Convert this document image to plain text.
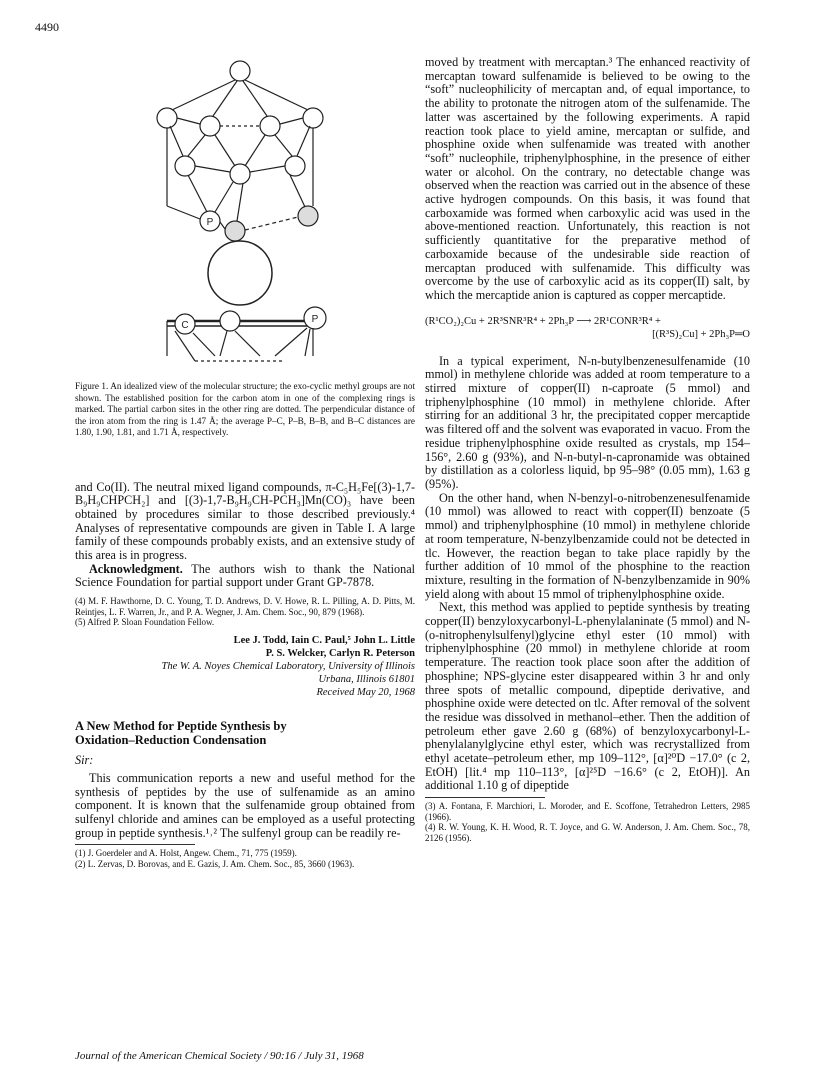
4490
P
C
P

Figure 1. An idealized view of the molecular structure; the exo-cyclic methyl groups are not shown. The established position for the carbon atom in one of the complexing rings is marked. The partial carbon sites in the other ring are dotted. The perpendicular distance of the iron atom from the ring is 1.47 Å; the average P–C, P–B, B–B, and B–C distances are 1.80, 1.90, 1.81, and 1.71 Å, respectively.

and Co(II). The neutral mixed ligand compounds, π-C₅H₅Fe[(3)-1,7-B₉H₉CHPCH₂] and [(3)-1,7-B₉H₉CH-PCH₃]Mn(CO)₃ have been obtained by procedures similar to those described previously.⁴ Analyses of representative compounds are given in Table I. A large family of these compounds probably exists, and an extensive study of this area is in progress.

Acknowledgment. The authors wish to thank the National Science Foundation for partial support under Grant GP-7878.

(4) M. F. Hawthorne, D. C. Young, T. D. Andrews, D. V. Howe, R. L. Pilling, A. D. Pitts, M. Reintjes, L. F. Warren, Jr., and P. A. Wegner, J. Am. Chem. Soc., 90, 879 (1968).

(5) Alfred P. Sloan Foundation Fellow.

Lee J. Todd, Iain C. Paul,⁵ John L. Little
P. S. Welcker, Carlyn R. Peterson
The W. A. Noyes Chemical Laboratory, University of Illinois
Urbana, Illinois 61801
Received May 20, 1968
A New Method for Peptide Synthesis by
Oxidation–Reduction Condensation
Sir:

This communication reports a new and useful method for the synthesis of peptides by the use of sulfenamide as an amino component. It is known that the sulfenamide group obtained from sulfenyl chloride and amines can be employed as a useful protecting group in peptide synthesis.¹˒² The sulfenyl group can be readily re-

(1) J. Goerdeler and A. Holst, Angew. Chem., 71, 775 (1959).

(2) L. Zervas, D. Borovas, and E. Gazis, J. Am. Chem. Soc., 85, 3660 (1963).

moved by treatment with mercaptan.³ The enhanced reactivity of mercaptan toward sulfenamide is believed to be owing to the “soft” nucleophilicity of mercaptan and, of equal importance, to the ability to protonate the nitrogen atom of the sulfenamide. The latter was ascertained by the following experiments. A rapid reaction took place to yield amine, mercaptan or sulfide, and phosphine oxide when sulfenamide was treated with another “soft” nucleophile, triphenylphosphine, in the presence of either water or alcohol. On the contrary, no detectable change was observed when the reaction was carried out in the absence of these active hydrogen compounds. On this basis, it was found that carboxamide was formed when carboxylic acid was used in the above-mentioned reaction. Unfortunately, this reaction is not sufficiently quantitative for the preparative method of carboxamide because of the undesirable side reaction of mercaptan produced with sulfenamide. This difficulty was overcome by the use of carboxylic acid as its copper(II) salt, by which the mercaptide anion is captured as copper mercaptide.

(R¹CO₂)₂Cu + 2R³SNR³R⁴ + 2Ph₃P ⟶ 2R¹CONR³R⁴ +
[(R³S)₂Cu] + 2Ph₃P═O

In a typical experiment, N-n-butylbenzenesulfenamide (10 mmol) in methylene chloride was added at room temperature to a stirred mixture of copper(II) n-caproate (5 mmol) and triphenylphosphine (10 mmol) in methylene chloride. After stirring for an additional 3 hr, the precipitated copper mercaptide was filtered off and the solvent was evaporated in vacuo. From the residue triphenylphosphine oxide resulted as crystals, mp 154–156°, 2.60 g (93%), and N-n-butyl-n-capronamide was obtained by distillation as a colorless liquid, bp 95–98° (0.05 mm), 1.63 g (95%).

On the other hand, when N-benzyl-o-nitrobenzenesulfenamide (10 mmol) was allowed to react with copper(II) benzoate (5 mmol) and triphenylphosphine (10 mmol) in methylene chloride at room temperature, N-benzylbenzamide could not be detected in tlc. However, the reaction began to take place rapidly by the further addition of 10 mmol of the phosphine to the reaction mixture, resulting in the formation of N-benzylbenzamide in 90% yield along with about 15 mmol of triphenylphosphine oxide.

Next, this method was applied to peptide synthesis by treating copper(II) benzyloxycarbonyl-L-phenylalaninate (5 mmol) and N-(o-nitrophenylsulfenyl)glycine ethyl ester (10 mmol) with triphenylphosphine (20 mmol) in methylene chloride at room temperature. The reaction took place soon after the addition of phosphine; NPS-glycine ester disappeared within 3 hr and only three spots of metallic compound, dipeptide derivative, and phosphine oxide were detected on tlc. After removal of the solvent the residue was dissolved in methanol–ether. Then the addition of petroleum ether gave 2.60 g (68%) of benzyloxycarbonyl-L-phenylalanylglycine ethyl ester, which was recrystallized from ethyl acetate–petroleum ether, mp 109–112°, [α]²⁰D −17.0° (c 2, EtOH) [lit.⁴ mp 110–113°, [α]²⁵D −16.6° (c 2, EtOH)]. An additional 1.10 g of dipeptide

(3) A. Fontana, F. Marchiori, L. Moroder, and E. Scoffone, Tetrahedron Letters, 2985 (1966).

(4) R. W. Young, K. H. Wood, R. T. Joyce, and G. W. Anderson, J. Am. Chem. Soc., 78, 2126 (1956).

Journal of the American Chemical Society / 90:16 / July 31, 1968
